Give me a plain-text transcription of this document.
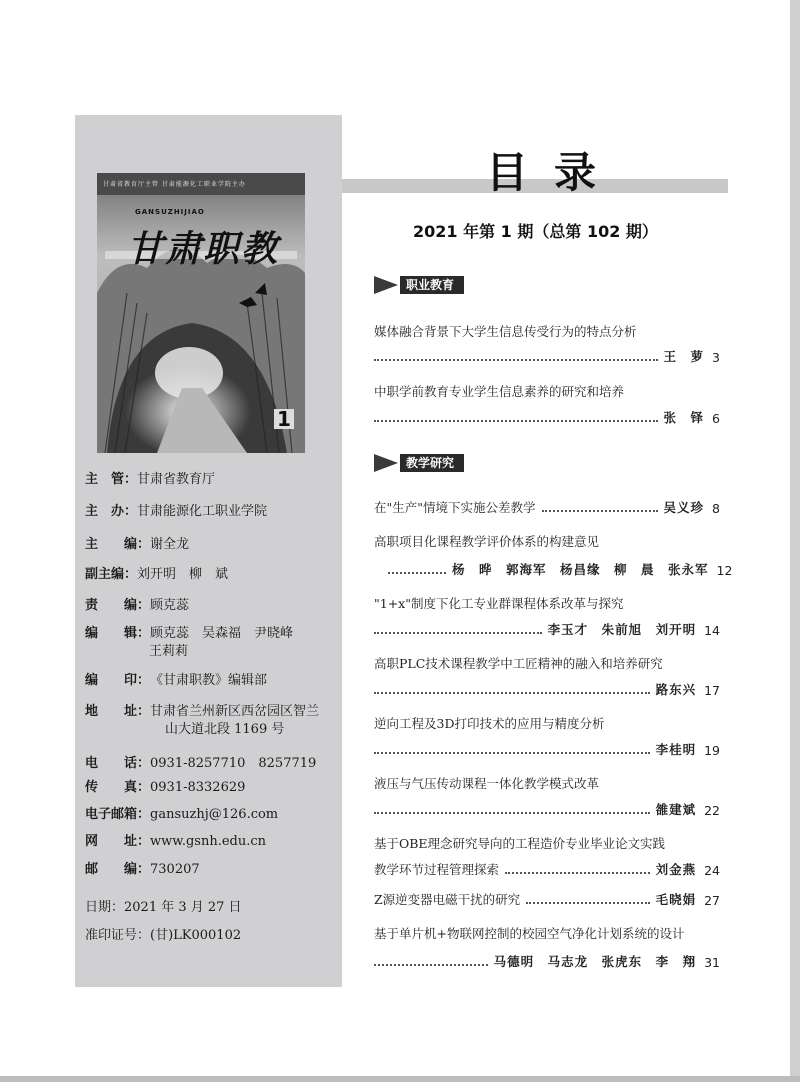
甘肃省教育厅主管 甘肃能源化工职业学院主办
GANSUZHIJIAO
甘肃职教
1
主　管：甘肃省教育厅
主　办：甘肃能源化工职业学院
主　　编：谢全龙
副主编：刘开明　柳　斌
责　　编：顾克蕊
编　　辑：顾克蕊　吴森福　尹晓峰
王莉莉
编　　印：《甘肃职教》编辑部
地　　址：甘肃省兰州新区西岔园区智兰
山大道北段 1169 号
电　　话：0931-8257710　8257719
传　　真：0931-8332629
电子邮箱：gansuzhj@126.com
网　　址：www.gsnh.edu.cn
邮　　编：730207
日期：2021 年 3 月 27 日
准印证号：(甘)LK000102
目录
2021 年第 1 期（总第 102 期）
职业教育
媒体融合背景下大学生信息传受行为的特点分析
王　萝 3
中职学前教育专业学生信息素养的研究和培养
张　铎 6
教学研究
在"生产"情境下实施公差教学	吴义珍 8
高职项目化课程教学评价体系的构建意见
杨　晔　郭海军　杨昌缘　柳　晨　张永军 12
"1+x"制度下化工专业群课程体系改革与探究
李玉才　朱前旭　刘开明 14
高职PLC技术课程教学中工匠精神的融入和培养研究
路东兴 17
逆向工程及3D打印技术的应用与精度分析
李桂明 19
液压与气压传动课程一体化教学模式改革
雒建斌 22
基于OBE理念研究导向的工程造价专业毕业论文实践
教学环节过程管理探索	刘金燕 24
Z源逆变器电磁干扰的研究	毛晓娟 27
基于单片机+物联网控制的校园空气净化计划系统的设计
马德明　马志龙　张虎东　李　翔 31
